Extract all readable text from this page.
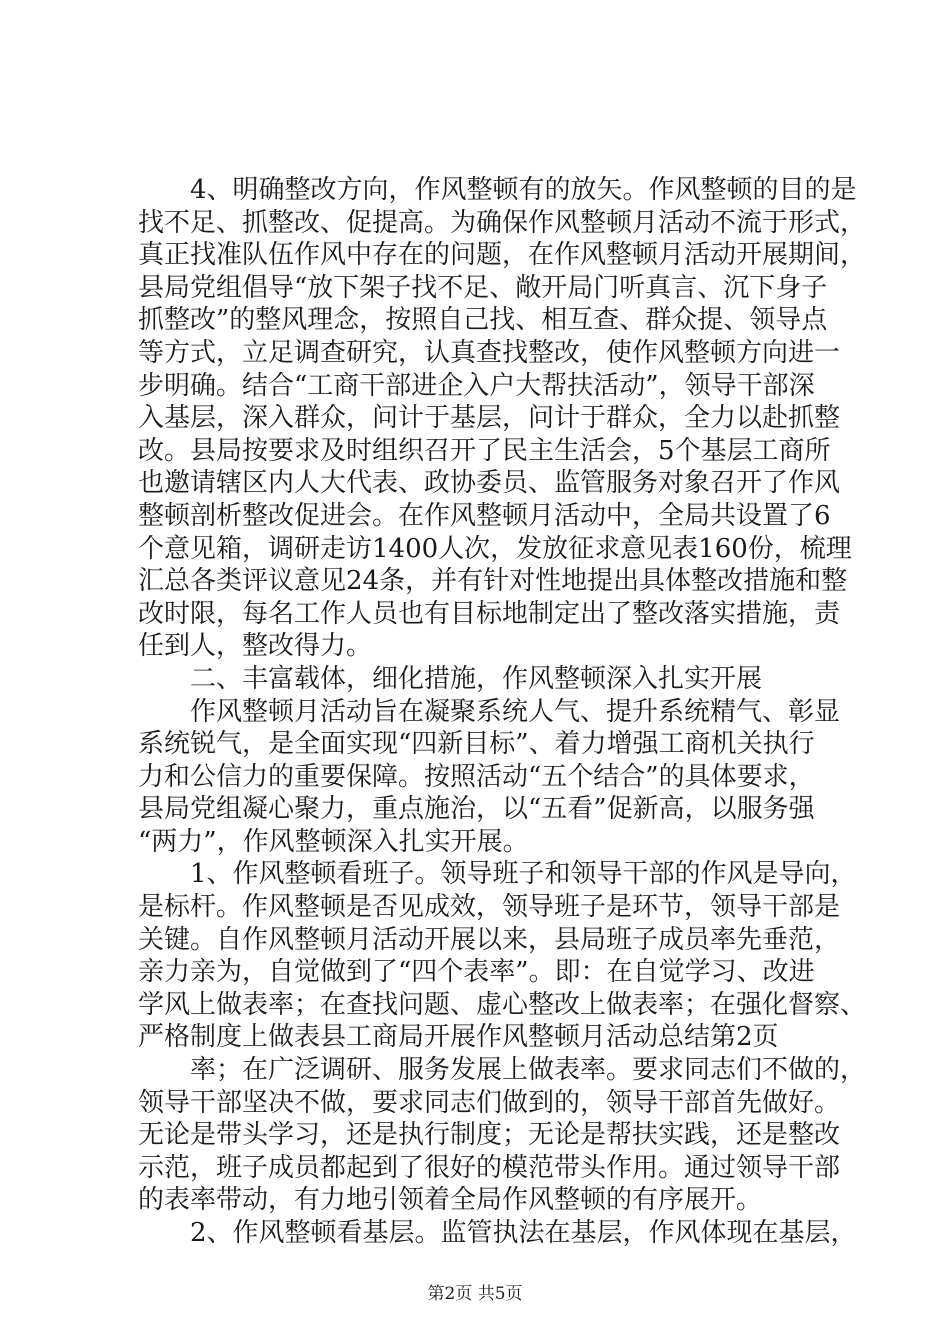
4、明确整改方向，作风整顿有的放矢。作风整顿的目的是
找不足、抓整改、促提高。为确保作风整顿月活动不流于形式，
真正找准队伍作风中存在的问题，在作风整顿月活动开展期间，
县局党组倡导“放下架子找不足、敞开局门听真言、沉下身子
抓整改”的整风理念，按照自己找、相互查、群众提、领导点
等方式，立足调查研究，认真查找整改，使作风整顿方向进一
步明确。结合“工商干部进企入户大帮扶活动”，领导干部深
入基层，深入群众，问计于基层，问计于群众，全力以赴抓整
改。县局按要求及时组织召开了民主生活会，5个基层工商所
也邀请辖区内人大代表、政协委员、监管服务对象召开了作风
整顿剖析整改促进会。在作风整顿月活动中，全局共设置了6
个意见箱，调研走访1400人次，发放征求意见表160份，梳理
汇总各类评议意见24条，并有针对性地提出具体整改措施和整
改时限，每名工作人员也有目标地制定出了整改落实措施，责
任到人，整改得力。
二、丰富载体，细化措施，作风整顿深入扎实开展
作风整顿月活动旨在凝聚系统人气、提升系统精气、彰显
系统锐气，是全面实现“四新目标”、着力增强工商机关执行
力和公信力的重要保障。按照活动“五个结合”的具体要求，
县局党组凝心聚力，重点施治，以“五看”促新高，以服务强
“两力”，作风整顿深入扎实开展。
1、作风整顿看班子。领导班子和领导干部的作风是导向，
是标杆。作风整顿是否见成效，领导班子是环节，领导干部是
关键。自作风整顿月活动开展以来，县局班子成员率先垂范，
亲力亲为，自觉做到了“四个表率”。即：在自觉学习、改进
学风上做表率；在查找问题、虚心整改上做表率；在强化督察、
严格制度上做表县工商局开展作风整顿月活动总结第2页
率；在广泛调研、服务发展上做表率。要求同志们不做的，
领导干部坚决不做，要求同志们做到的，领导干部首先做好。
无论是带头学习，还是执行制度；无论是帮扶实践，还是整改
示范，班子成员都起到了很好的模范带头作用。通过领导干部
的表率带动，有力地引领着全局作风整顿的有序展开。
2、作风整顿看基层。监管执法在基层，作风体现在基层，
第2页 共5页
